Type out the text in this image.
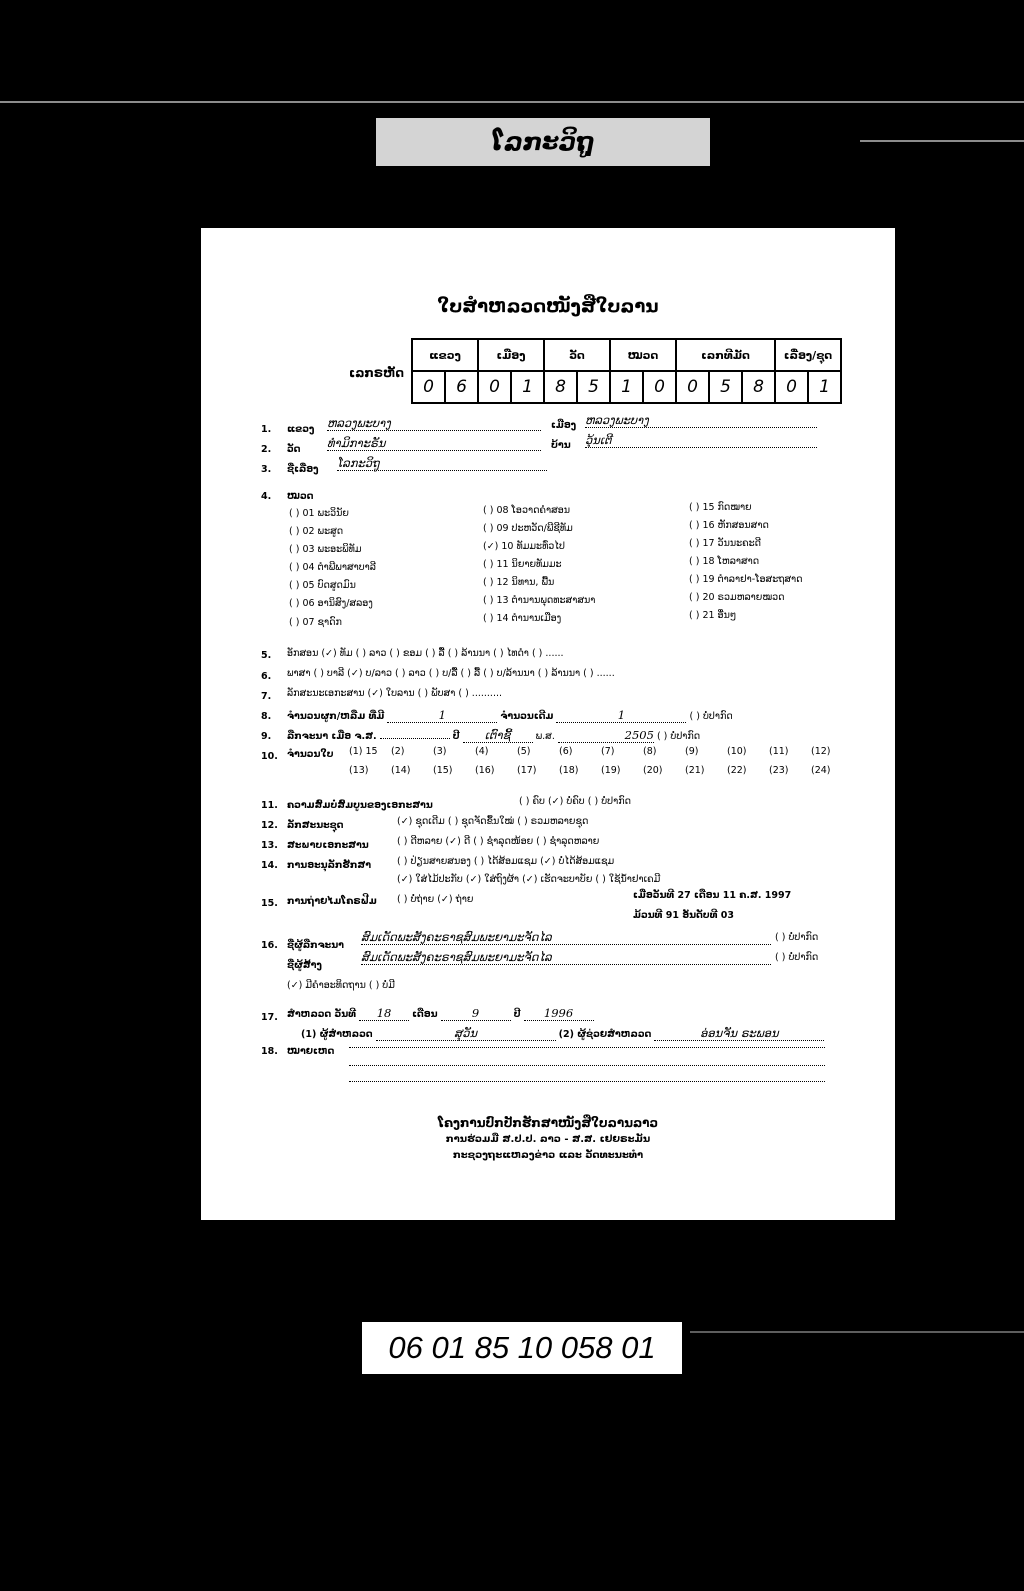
ໂລກະວິຖູ
ໃບສຳຫລວດໜັງສືໃບລານ
ເລກຣຫັດ
ແຂວງ		ເມືອງ		ວັດ		ໝວດ		ເລກທີມັດ			ເລື່ອງ/ຊຸດ	
0	6	0	1	8	5	1	0	0	5	8	0	1
1. ແຂວງ ຫລວງພະບາງ	ເມືອງ ຫລວງພະບາງ
2. ວັດ ທຳມິກາະຣັນ	ບ້ານ ວຸ້ນເຕີ
3. ຊື່ເລື່ອງ ໂລກະວິຖູ
4. ໝວດ
( ) 01 ພະວິນັຍ
( ) 02 ພະສູດ
( ) 03 ພະອະພິທັມ
( ) 04 ຕຳພີພາສາບາລີ
( ) 05 ບົດສູດມົນ
( ) 06 ອານິສົງ/ສລອງ
( ) 07 ຊາດົກ
( ) 08 ໂອວາດຄຳສອນ
( ) 09 ປະຫວັດ/ພີຊີທັມ
(✓) 10 ທັມມະທົ່ວໄປ
( ) 11 ນິຍາຍທັມມະ
( ) 12 ນິທານ, ພື້ນ
( ) 13 ຕຳນານພຸດທະສາສນາ
( ) 14 ຕຳນານເມືອງ
( ) 15 ກົດໝາຍ
( ) 16 ຫັກສອນສາດ
( ) 17 ວັນນະຄະດີ
( ) 18 ໂຫລາສາດ
( ) 19 ຕຳລາຢາ-ໂອສະຖສາດ
( ) 20 ຣວມຫລາຍໝວດ
( ) 21 ອື່ນໆ
5. ອັກສອນ (✓) ທັມ ( ) ລາວ ( ) ຂອມ ( ) ລື້ ( ) ລ້ານນາ ( ) ໄທດຳ ( ) ......
6. ພາສາ ( ) ບາລີ (✓) ບ/ລາວ ( ) ລາວ ( ) ບ/ລື້ ( ) ລື້ ( ) ບ/ລ້ານນາ ( ) ລ້ານນາ ( ) ......
7. ລັກສະນະເອກະສານ (✓) ໃບລານ ( ) ພັບສາ ( ) ..........
8. ຈຳນວນຜູກ/ຫລືມ ທີ່ມີ	1	ຈຳນວນເດີມ	1	( ) ບໍ່ປາກົດ
9. ລືກຈະນາ ເມື່ອ ຈ.ສ.	ປີ ເຕົາຊີ້	ພ.ສ.	2505 ( ) ບໍ່ປາກົດ
10. ຈຳນວນໃບ (1) 15	(2)	(3)	(4)	(5)	(6)	(7)	(8)	(9)	(10)	(11)	(12)
(13)	(14)	(15)	(16)	(17)	(18)	(19)	(20)	(21)	(22)	(23)	(24)
11. ຄວາມສົມບໍ່ສົມບູນຂອງເອກະສານ	( ) ຄົບ (✓) ບໍ່ຄົບ ( ) ບໍ່ປາກົດ
12. ລັກສະນະຊຸດ	(✓) ຊຸດເດີມ ( ) ຊຸດຈັດຂຶ້ນໃໝ່ ( ) ຣວມຫລາຍຊຸດ
13. ສະພາບເອກະສານ	( ) ດີຫລາຍ (✓) ດີ ( ) ຊຳລຸດໜ້ອຍ ( ) ຊຳລຸດຫລາຍ
14. ການອະນຸລັກຮັກສາ	( ) ປ່ຽນສາຍສນອງ ( ) ໄດ້ສ້ອມແຊມ (✓) ບໍ່ໄດ້ສ້ອມແຊມ
(✓) ໃສ່ໄມ້ປະກັບ (✓) ໃສ່ຖົງຜ້າ (✓) ເຮັດຈະບາບັຍ ( ) ໃຊ້ນ້ຳຢາເຄມີ
15. ການຖ່າຍໄມໂຄຣຟີມ ( ) ບໍ່ຖ່າຍ (✓) ຖ່າຍ	ເມື່ອວັນທີ 27 ເດືອນ 11 ຄ.ສ. 1997
ມ້ວນທີ 91 ອັນດັບທີ 03
16. ຊື່ຜູ້ລືກຈະນາ
ສົມເດັດພະສັງຄະຣາຊສົມພະຍາມະຈັດໄລ	( ) ບໍ່ປາກົດ
ຊື່ຜູ້ສ້າງ
ສົມເດັດພະສັງຄະຣາຊສົມພະຍາມະຈັດໄລ	( ) ບໍ່ປາກົດ
(✓) ມີຄຳອະທິດຖານ ( ) ບໍ່ມີ
17. ສຳຫລວດ ວັນທີ 18 ເດືອນ	9	ປີ 1996
(1) ຜູ້ສຳຫລວດ	ສຸວັນ	(2) ຜູ້ຊ່ວຍສຳຫລວດ	ອ່ອນຈັນ ຣະພອນ
18. ໝາຍເຫດ
ໂຄງການປົກປັກຮັກສາໜັງສືໃບລານລາວ
ການຮ່ວມມື ສ.ປ.ປ. ລາວ - ສ.ສ. ເຢຍຣະມັນ
ກະຊວງຖະແຫລງຂ່າວ ແລະ ວັດທະນະທຳ
06 01 85 10 058 01
